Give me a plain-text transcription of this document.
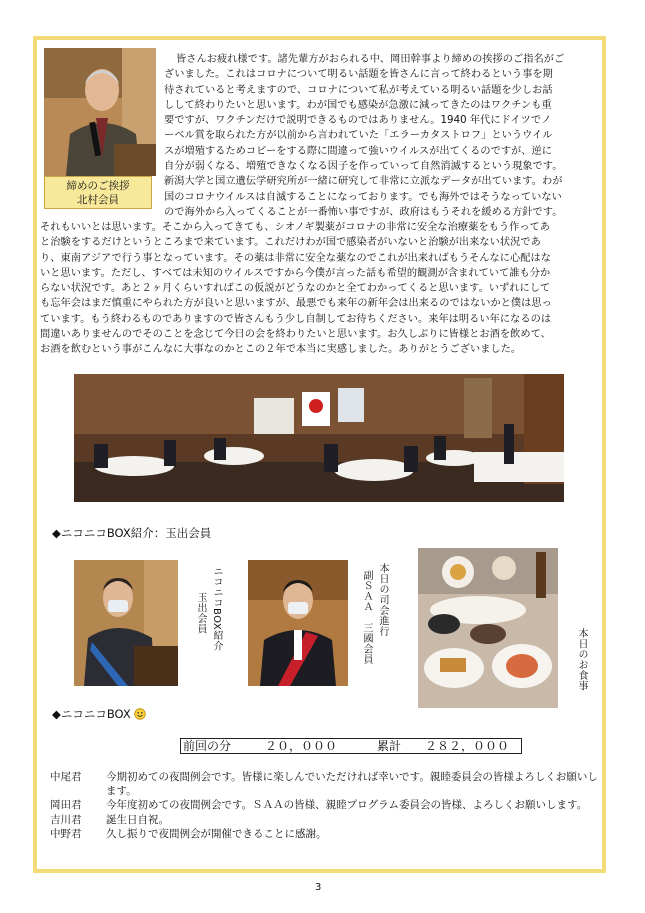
締めのご挨拶
北村会員
皆さんお疲れ様です。諸先輩方がおられる中、岡田幹事より締めの挨拶のご指名がご
ざいました。これはコロナについて明るい話題を皆さんに言って終わるという事を期
待されていると考えますので、コロナについて私が考えている明るい話題を少しお話
しして終わりたいと思います。わが国でも感染が急激に減ってきたのはワクチンも重
要ですが、ワクチンだけで説明できるものではありません。1940 年代にドイツでノ
ーベル賞を取られた方が以前から言われていた「エラーカタストロフ」というウイル
スが増殖するためコピーをする際に間違って強いウイルスが出てくるのですが、逆に
自分が弱くなる、増殖できなくなる因子を作っていって自然消滅するという現象です。
新潟大学と国立遺伝学研究所が一緒に研究して非常に立派なデータが出ています。わが
国のコロナウイルスは自滅することになっております。でも海外ではそうなっていない
ので海外から入ってくることが一番怖い事ですが、政府はもうそれを緩める方針です。
それもいいとは思います。そこから入ってきても、シオノギ製薬がコロナの非常に安全な治療薬をもう作ってあ
と治験をするだけというところまで来ています。これだけわが国で感染者がいないと治験が出来ない状況であ
り、東南アジアで行う事となっています。その薬は非常に安全な薬なのでこれが出来ればもうそんなに心配はな
いと思います。ただし、すべては未知のウイルスですから今僕が言った話も希望的観測が含まれていて誰も分か
らない状況です。あと２ヶ月くらいすればこの仮説がどうなのかと全てわかってくると思います。いずれにして
も忘年会はまだ慎重にやられた方が良いと思いますが、最悪でも来年の新年会は出来るのではないかと僕は思っ
ています。もう終わるものでありますので皆さんもう少し自制してお待ちください。来年は明るい年になるのは
間違いありませんのでそのことを念じて今日の会を終わりたいと思います。お久しぶりに皆様とお酒を飲めて、
お酒を飲むという事がこんなに大事なのかとこの２年で本当に実感しました。ありがとうございました。
◆ニコニコBOX紹介：玉出会員
ニコニコBOX紹介
玉出会員	本日の司会進行
副ＳＡＡ　三國会員	本日のお食事
◆ニコニコBOX
前回の分	２０，０００	累計 ２８２，０００
中尾君	今期初めての夜間例会です。皆様に楽しんでいただければ幸いです。親睦委員会の皆様よろしくお願いします。
岡田君	今年度初めての夜間例会です。ＳＡＡの皆様、親睦プログラム委員会の皆様、よろしくお願いします。
吉川君	誕生日自祝。
中野君	久し振りで夜間例会が開催できることに感謝。
3
